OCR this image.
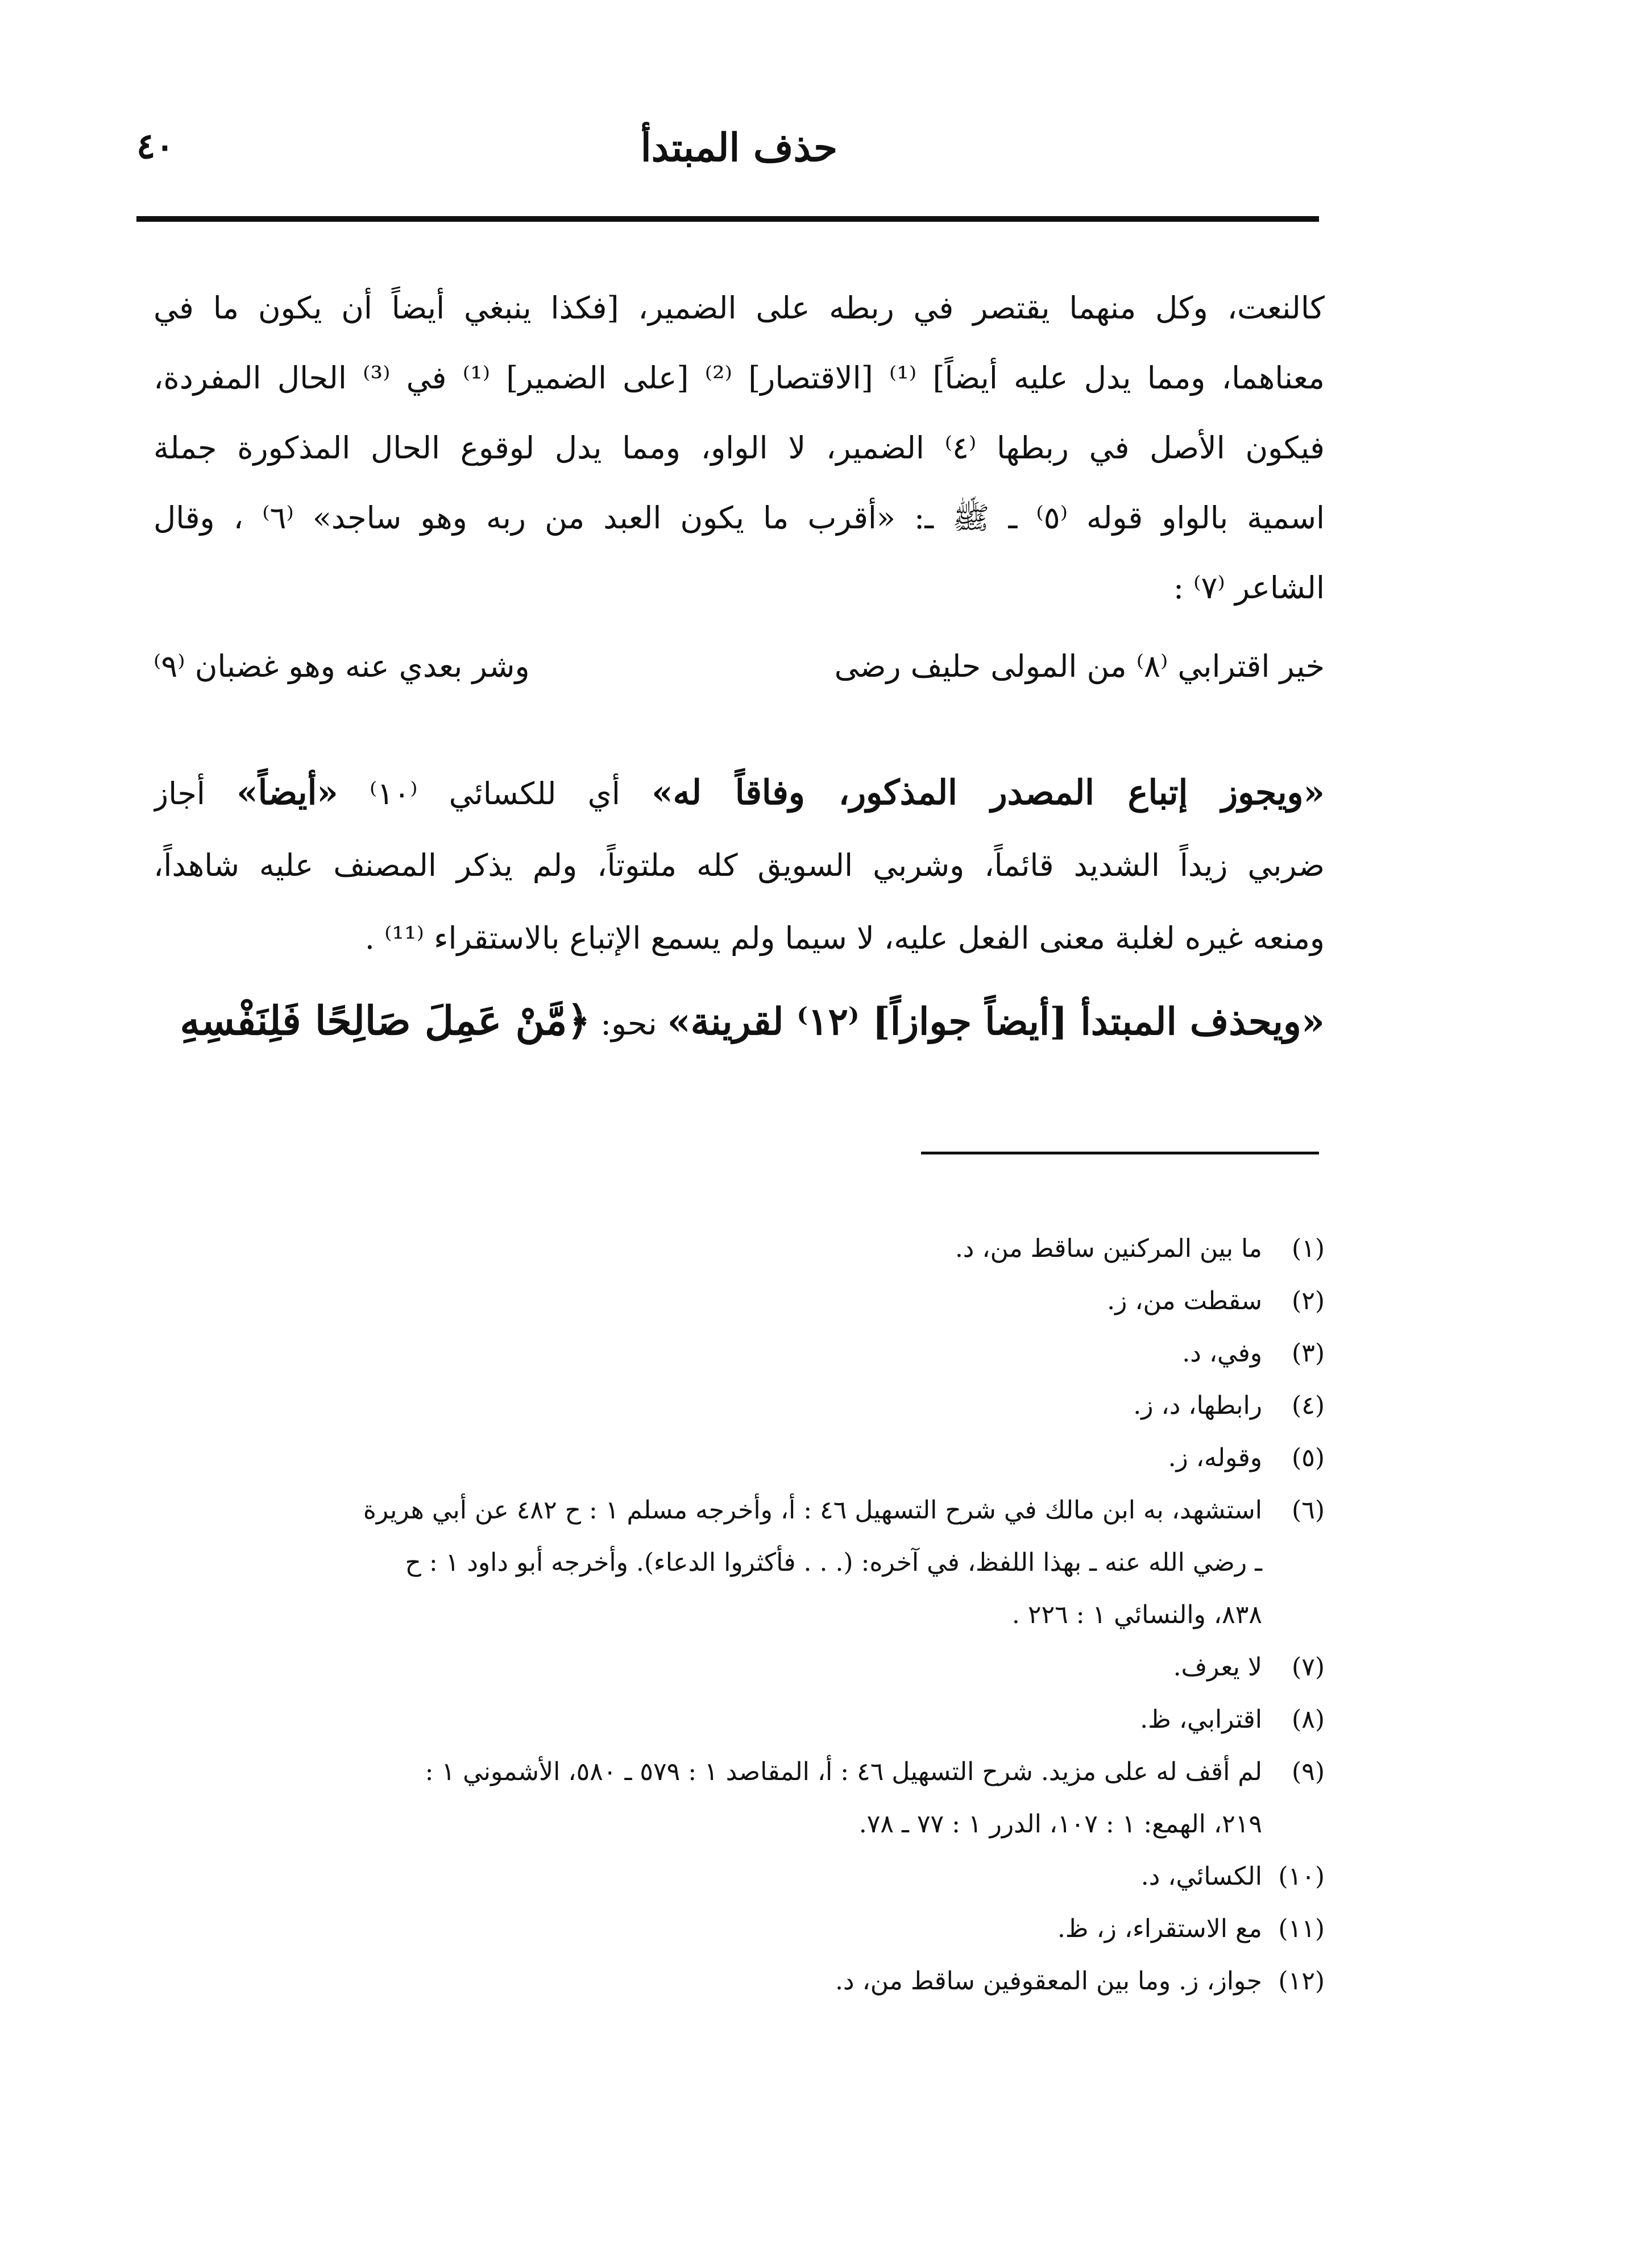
٤٠	حذف المبتدأ
كالنعت، وكل منهما يقتصر في ربطه على الضمير، [فكذا ينبغي أيضاً أن يكون ما في
معناهما، ومما يدل عليه أيضاً] ⁽¹⁾ [الاقتصار] ⁽²⁾ [على الضمير] ⁽¹⁾ في ⁽³⁾ الحال المفردة،
فيكون الأصل في ربطها ⁽٤⁾ الضمير، لا الواو، ومما يدل لوقوع الحال المذكورة جملة
اسمية بالواو قوله ⁽٥⁾ ـ ﷺ ـ: «أقرب ما يكون العبد من ربه وهو ساجد» ⁽٦⁾ ، وقال
الشاعر ⁽٧⁾ :
خير اقترابي ⁽٨⁾ من المولى حليف رضى
وشر بعدي عنه وهو غضبان ⁽٩⁾
«ويجوز إتباع المصدر المذكور، وفاقاً له» أي للكسائي ⁽١٠⁾ «أيضاً» أجاز
ضربي زيداً الشديد قائماً، وشربي السويق كله ملتوتاً، ولم يذكر المصنف عليه شاهداً،
ومنعه غيره لغلبة معنى الفعل عليه، لا سيما ولم يسمع الإتباع بالاستقراء ⁽¹¹⁾ .
«ويحذف المبتدأ [أيضاً جوازاً] ⁽١٢⁾ لقرينة» نحو: ﴿مَّنْ عَمِلَ صَالِحًا فَلِنَفْسِهِ
(١)
ما بين المركنين ساقط من، د.
(٢)
سقطت من، ز.
(٣)
وفي، د.
(٤)
رابطها، د، ز.
(٥)
وقوله، ز.
(٦)
استشهد، به ابن مالك في شرح التسهيل ٤٦ : أ، وأخرجه مسلم ١ : ح ٤٨٢ عن أبي هريرة
ـ رضي الله عنه ـ بهذا اللفظ، في آخره: (. . . فأكثروا الدعاء). وأخرجه أبو داود ١ : ح
٨٣٨، والنسائي ١ : ٢٢٦ .
(٧)
لا يعرف.
(٨)
اقترابي، ظ.
(٩)
لم أقف له على مزيد. شرح التسهيل ٤٦ : أ، المقاصد ١ : ٥٧٩ ـ ٥٨٠، الأشموني ١ :
٢١٩، الهمع: ١ : ١٠٧، الدرر ١ : ٧٧ ـ ٧٨.
(١٠)
الكسائي، د.
(١١)
مع الاستقراء، ز، ظ.
(١٢)
جواز، ز. وما بين المعقوفين ساقط من، د.
